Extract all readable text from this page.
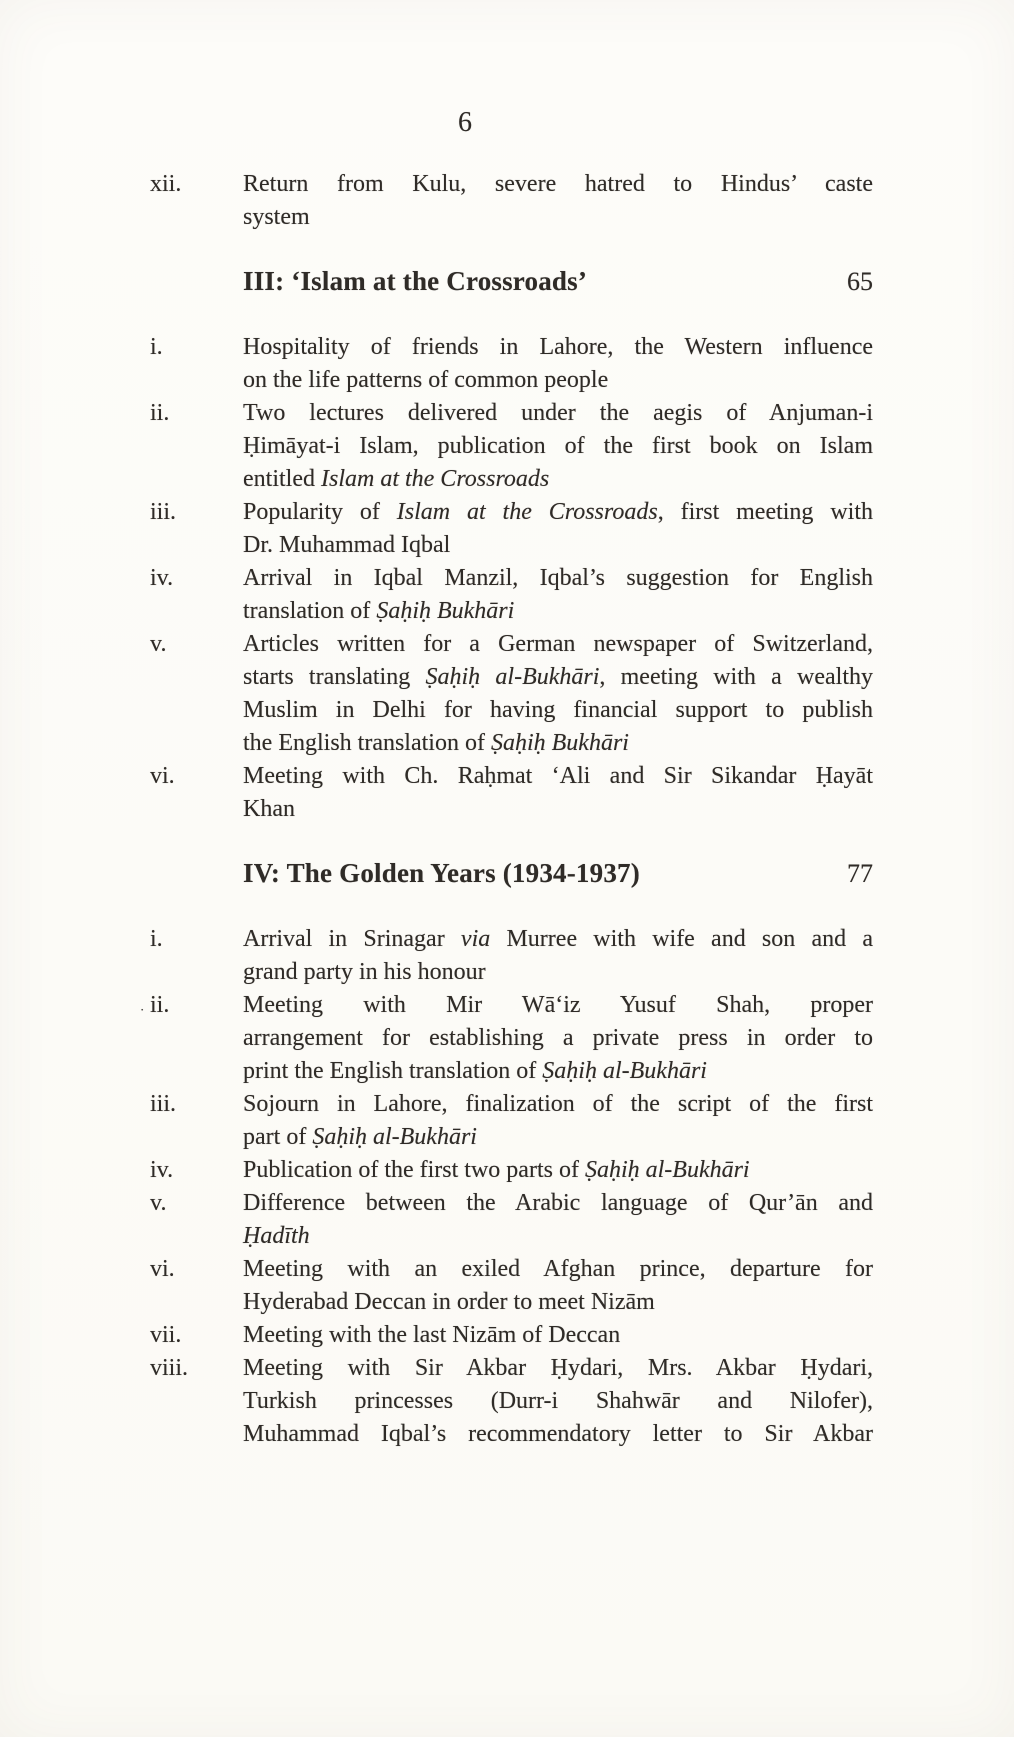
6
xii.	Return from Kulu, severe hatred to Hindus’ caste
system
III: ‘Islam at the Crossroads’	65
i.	Hospitality of friends in Lahore, the Western influence
on the life patterns of common people
ii.	Two lectures delivered under the aegis of Anjuman-i
Ḥimāyat-i Islam, publication of the first book on Islam
entitled Islam at the Crossroads
iii.	Popularity of Islam at the Crossroads, first meeting with
Dr. Muhammad Iqbal
iv.	Arrival in Iqbal Manzil, Iqbal’s suggestion for English
translation of Ṣaḥiḥ Bukhāri
v.	Articles written for a German newspaper of Switzerland,
starts translating Ṣaḥiḥ al-Bukhāri, meeting with a wealthy
Muslim in Delhi for having financial support to publish
the English translation of Ṣaḥiḥ Bukhāri
vi.	Meeting with Ch. Raḥmat ‘Ali and Sir Sikandar Ḥayāt
Khan
IV: The Golden Years (1934-1937)	77
i.	Arrival in Srinagar via Murree with wife and son and a
grand party in his honour
· ii.	Meeting with Mir Wā‘iz Yusuf Shah, proper
arrangement for establishing a private press in order to
print the English translation of Ṣaḥiḥ al-Bukhāri
iii.	Sojourn in Lahore, finalization of the script of the first
part of Ṣaḥiḥ al-Bukhāri
iv.	Publication of the first two parts of Ṣaḥiḥ al-Bukhāri
v.	Difference between the Arabic language of Qur’ān and
Ḥadīth
vi.	Meeting with an exiled Afghan prince, departure for
Hyderabad Deccan in order to meet Nizām
vii.	Meeting with the last Nizām of Deccan
viii.	Meeting with Sir Akbar Ḥydari, Mrs. Akbar Ḥydari,
Turkish princesses (Durr-i Shahwār and Nilofer),
Muhammad Iqbal’s recommendatory letter to Sir Akbar
